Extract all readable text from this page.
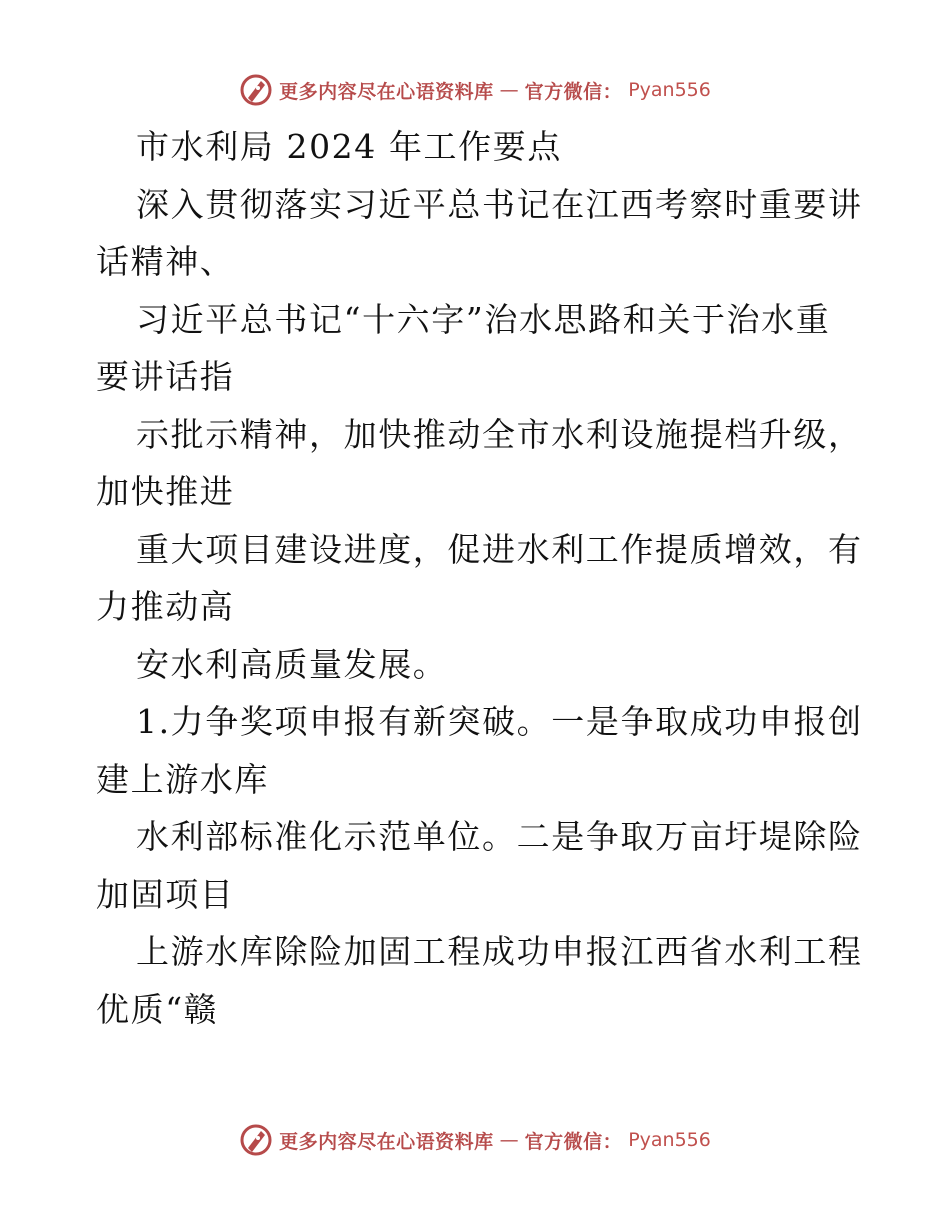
更多内容尽在心语资料库 — 官方微信： Pyan556
市水利局 2024 年工作要点
深入贯彻落实习近平总书记在江西考察时重要讲
话精神、
习近平总书记“十六字”治水思路和关于治水重
要讲话指
示批示精神，加快推动全市水利设施提档升级，
加快推进
重大项目建设进度，促进水利工作提质增效，有
力推动高
安水利高质量发展。
1.力争奖项申报有新突破。一是争取成功申报创
建上游水库
水利部标准化示范单位。二是争取万亩圩堤除险
加固项目
上游水库除险加固工程成功申报江西省水利工程
优质“赣
更多内容尽在心语资料库 — 官方微信： Pyan556
